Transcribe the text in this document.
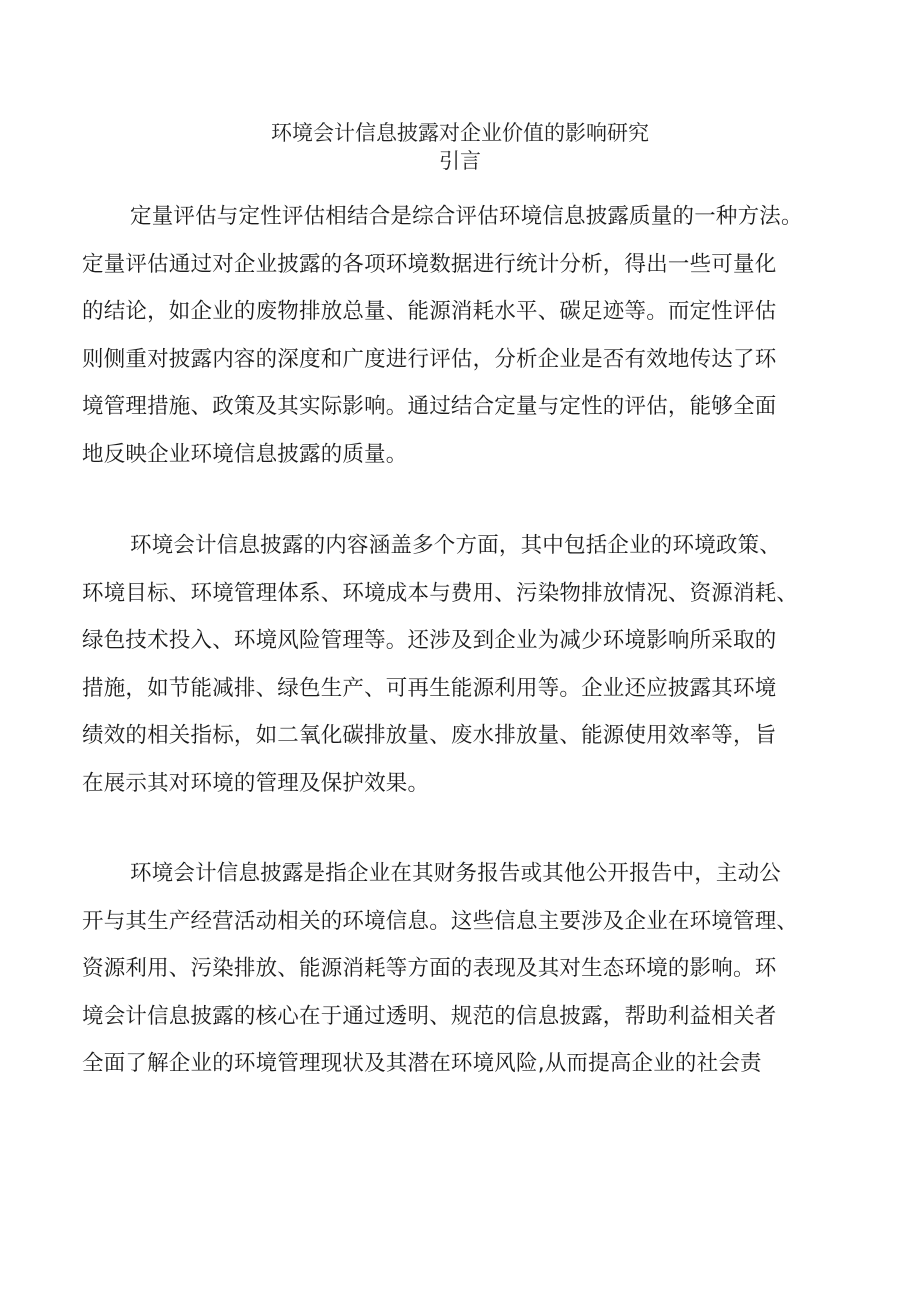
环境会计信息披露对企业价值的影响研究
引言

定量评估与定性评估相结合是综合评估环境信息披露质量的一种方法。
定量评估通过对企业披露的各项环境数据进行统计分析，得出一些可量化
的结论，如企业的废物排放总量、能源消耗水平、碳足迹等。而定性评估
则侧重对披露内容的深度和广度进行评估，分析企业是否有效地传达了环
境管理措施、政策及其实际影响。通过结合定量与定性的评估，能够全面
地反映企业环境信息披露的质量。

环境会计信息披露的内容涵盖多个方面，其中包括企业的环境政策、
环境目标、环境管理体系、环境成本与费用、污染物排放情况、资源消耗、
绿色技术投入、环境风险管理等。还涉及到企业为减少环境影响所采取的
措施，如节能减排、绿色生产、可再生能源利用等。企业还应披露其环境
绩效的相关指标，如二氧化碳排放量、废水排放量、能源使用效率等，旨
在展示其对环境的管理及保护效果。

环境会计信息披露是指企业在其财务报告或其他公开报告中，主动公
开与其生产经营活动相关的环境信息。这些信息主要涉及企业在环境管理、
资源利用、污染排放、能源消耗等方面的表现及其对生态环境的影响。环
境会计信息披露的核心在于通过透明、规范的信息披露，帮助利益相关者
全面了解企业的环境管理现状及其潜在环境风险,从而提高企业的社会责
